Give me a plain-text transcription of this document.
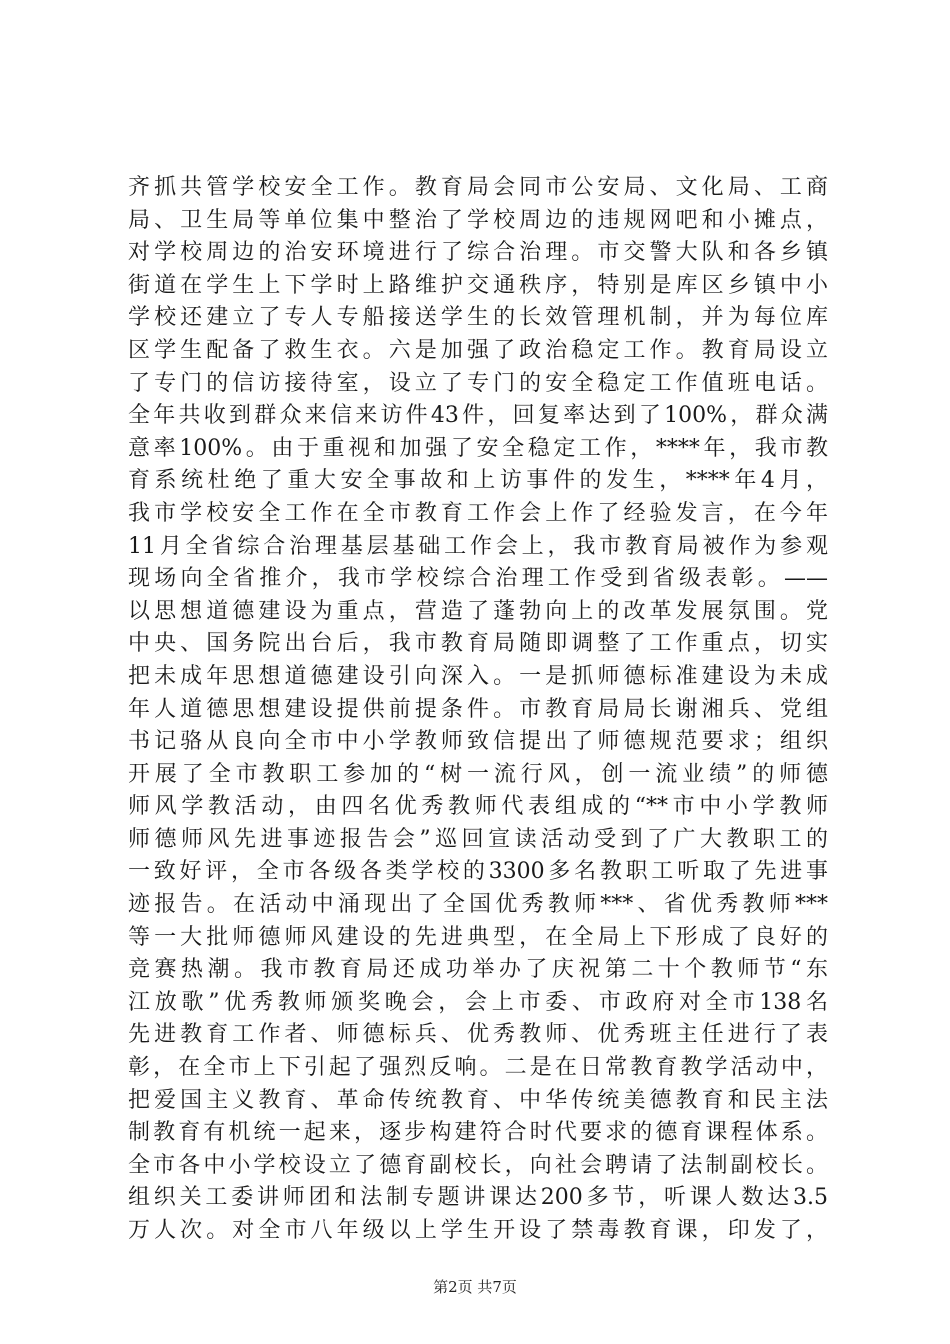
齐抓共管学校安全工作。教育局会同市公安局、文化局、工商
局、卫生局等单位集中整治了学校周边的违规网吧和小摊点，
对学校周边的治安环境进行了综合治理。市交警大队和各乡镇
街道在学生上下学时上路维护交通秩序，特别是库区乡镇中小
学校还建立了专人专船接送学生的长效管理机制，并为每位库
区学生配备了救生衣。六是加强了政治稳定工作。教育局设立
了专门的信访接待室，设立了专门的安全稳定工作值班电话。
全年共收到群众来信来访件43件，回复率达到了100%，群众满
意率100%。由于重视和加强了安全稳定工作，****年，我市教
育系统杜绝了重大安全事故和上访事件的发生，****年4月，
我市学校安全工作在全市教育工作会上作了经验发言，在今年
11月全省综合治理基层基础工作会上，我市教育局被作为参观
现场向全省推介，我市学校综合治理工作受到省级表彰。——
以思想道德建设为重点，营造了蓬勃向上的改革发展氛围。党
中央、国务院出台后，我市教育局随即调整了工作重点，切实
把未成年思想道德建设引向深入。一是抓师德标准建设为未成
年人道德思想建设提供前提条件。市教育局局长谢湘兵、党组
书记骆从良向全市中小学教师致信提出了师德规范要求；组织
开展了全市教职工参加的“树一流行风，创一流业绩”的师德
师风学教活动，由四名优秀教师代表组成的“**市中小学教师
师德师风先进事迹报告会”巡回宣读活动受到了广大教职工的
一致好评，全市各级各类学校的3300多名教职工听取了先进事
迹报告。在活动中涌现出了全国优秀教师***、省优秀教师***
等一大批师德师风建设的先进典型，在全局上下形成了良好的
竞赛热潮。我市教育局还成功举办了庆祝第二十个教师节“东
江放歌”优秀教师颁奖晚会，会上市委、市政府对全市138名
先进教育工作者、师德标兵、优秀教师、优秀班主任进行了表
彰，在全市上下引起了强烈反响。二是在日常教育教学活动中，
把爱国主义教育、革命传统教育、中华传统美德教育和民主法
制教育有机统一起来，逐步构建符合时代要求的德育课程体系。
全市各中小学校设立了德育副校长，向社会聘请了法制副校长。
组织关工委讲师团和法制专题讲课达200多节，听课人数达3.5
万人次。对全市八年级以上学生开设了禁毒教育课，印发了，
第2页 共7页
